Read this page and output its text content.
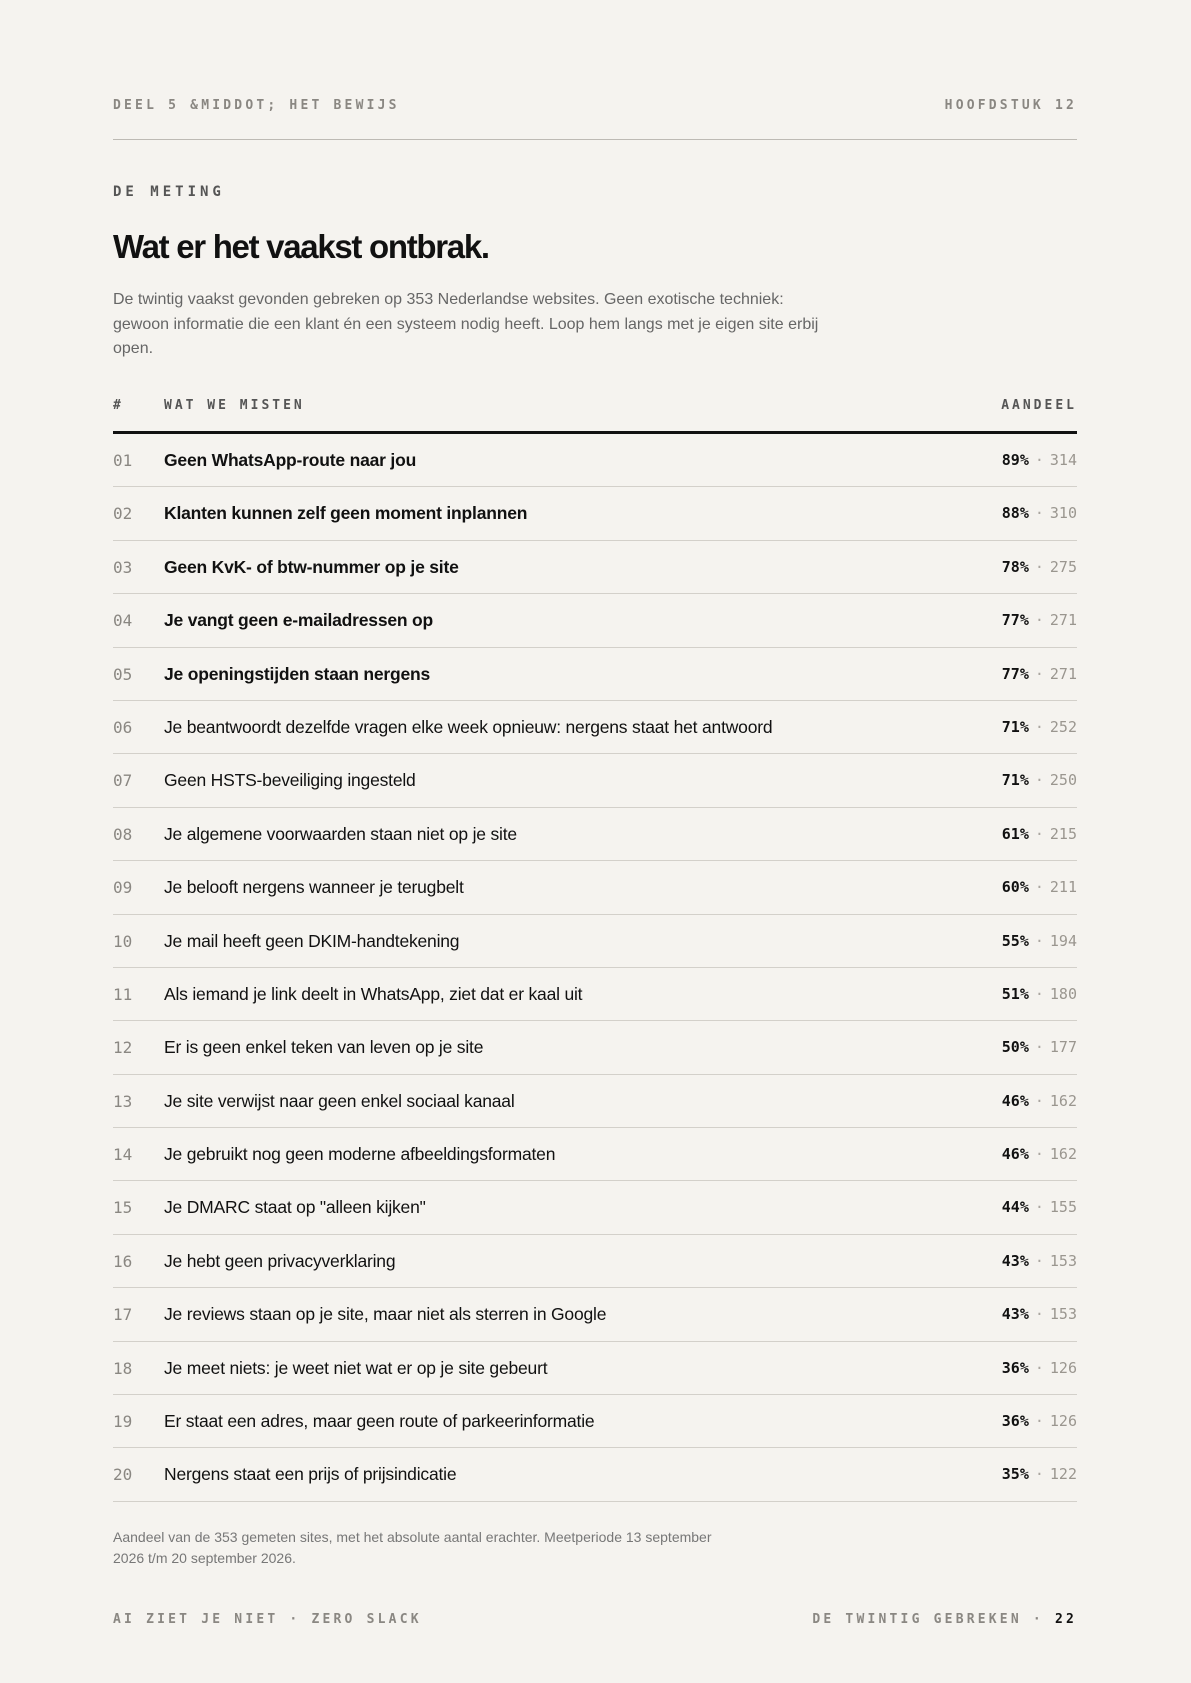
DEEL 5 &MIDDOT; HET BEWIJS	HOOFDSTUK 12
DE METING
Wat er het vaakst ontbrak.

De twintig vaakst gevonden gebreken op 353 Nederlandse websites. Geen exotische techniek: gewoon informatie die een klant én een systeem nodig heeft. Loop hem langs met je eigen site erbij open.

#	WAT WE MISTEN	AANDEEL
01 Geen WhatsApp-route naar jou	89% · 314
02 Klanten kunnen zelf geen moment inplannen	88% · 310
03 Geen KvK- of btw-nummer op je site	78% · 275
04 Je vangt geen e-mailadressen op	77% · 271
05 Je openingstijden staan nergens	77% · 271
06 Je beantwoordt dezelfde vragen elke week opnieuw: nergens staat het antwoord	71% · 252
07 Geen HSTS-beveiliging ingesteld	71% · 250
08 Je algemene voorwaarden staan niet op je site	61% · 215
09 Je belooft nergens wanneer je terugbelt	60% · 211
10 Je mail heeft geen DKIM-handtekening	55% · 194
11 Als iemand je link deelt in WhatsApp, ziet dat er kaal uit	51% · 180
12 Er is geen enkel teken van leven op je site	50% · 177
13 Je site verwijst naar geen enkel sociaal kanaal	46% · 162
14 Je gebruikt nog geen moderne afbeeldingsformaten	46% · 162
15 Je DMARC staat op "alleen kijken"	44% · 155
16 Je hebt geen privacyverklaring	43% · 153
17 Je reviews staan op je site, maar niet als sterren in Google	43% · 153
18 Je meet niets: je weet niet wat er op je site gebeurt	36% · 126
19 Er staat een adres, maar geen route of parkeerinformatie	36% · 126
20 Nergens staat een prijs of prijsindicatie	35% · 122

Aandeel van de 353 gemeten sites, met het absolute aantal erachter. Meetperiode 13 september 2026 t/m 20 september 2026.

AI ZIET JE NIET · ZERO SLACK	DE TWINTIG GEBREKEN · 22
